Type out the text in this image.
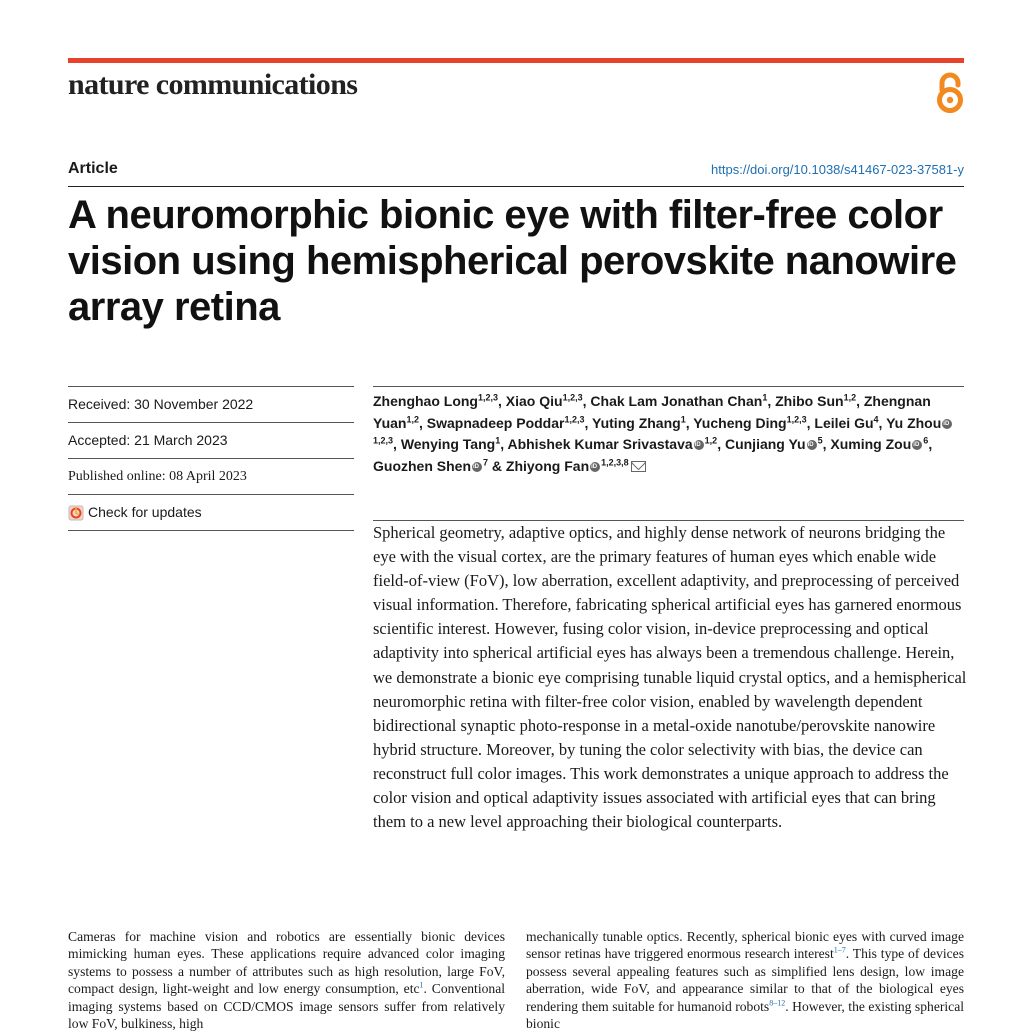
nature communications
Article	https://doi.org/10.1038/s41467-023-37581-y
A neuromorphic bionic eye with filter-free color vision using hemispherical perovskite nanowire array retina
Received: 30 November 2022
Accepted: 21 March 2023
Published online: 08 April 2023
Check for updates
Zhenghao Long$^{1,2,3}$, Xiao Qiu$^{1,2,3}$, Chak Lam Jonathan Chan$^1$, Zhibo Sun$^{1,2}$, Zhengnan Yuan$^{1,2}$, Swapnadeep Poddar$^{1,2,3}$, Yuting Zhang$^1$, Yucheng Ding$^{1,2,3}$, Leilei Gu$^4$, Yu ZhouiD$^{1,2,3}$, Wenying Tang$^1$, Abhishek Kumar Srivastava iD $^{1,2}$, Cunjiang Yu iD $^5$, Xuming Zou iD $^6$, Guozhen Shen iD $^7$ & Zhiyong Fan iD $^{1,2,3,8}$

Spherical geometry, adaptive optics, and highly dense network of neurons bridging the eye with the visual cortex, are the primary features of human eyes which enable wide field-of-view (FoV), low aberration, excellent adaptivity, and preprocessing of perceived visual information. Therefore, fabricating spherical artificial eyes has garnered enormous scientific interest. However, fusing color vision, in-device preprocessing and optical adaptivity into spherical artificial eyes has always been a tremendous challenge. Herein, we demonstrate a bionic eye comprising tunable liquid crystal optics, and a hemispherical neuromorphic retina with filter-free color vision, enabled by wavelength dependent bidirectional synaptic photo-response in a metal-oxide nanotube/perovskite nanowire hybrid structure. Moreover, by tuning the color selectivity with bias, the device can reconstruct full color images. This work demonstrates a unique approach to address the color vision and optical adaptivity issues associated with artificial eyes that can bring them to a new level approaching their biological counterparts.

Cameras for machine vision and robotics are essentially bionic devices mimicking human eyes. These applications require advanced color imaging systems to possess a number of attributes such as high resolution, large FoV, compact design, light-weight and low energy consumption, etc$^1$. Conventional imaging systems based on CCD/CMOS image sensors suffer from relatively low FoV, bulkiness, high

mechanically tunable optics. Recently, spherical bionic eyes with curved image sensor retinas have triggered enormous research interest$^{1-7}$. This type of devices possess several appealing features such as simplified lens design, low image aberration, wide FoV, and appearance similar to that of the biological eyes rendering them suitable for humanoid robots$^{8-12}$. However, the existing spherical bionic
